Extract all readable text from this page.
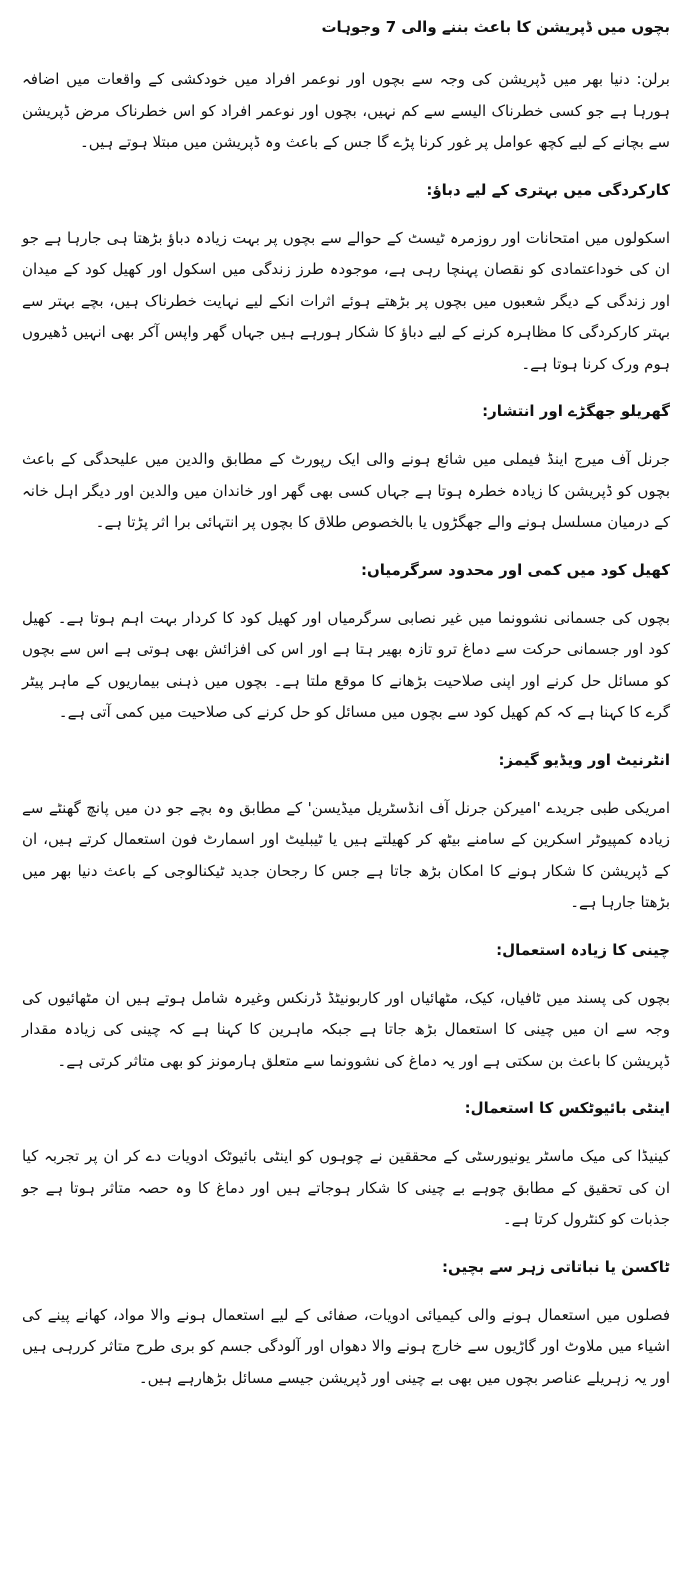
بچوں میں ڈپریشن کا باعث بننے والی 7 وجوہات

برلن: دنیا بھر میں ڈپریشن کی وجہ سے بچوں اور نوعمر افراد میں خودکشی کے واقعات میں اضافہ ہورہا ہے جو کسی خطرناک الیسے سے کم نہیں، بچوں اور نوعمر افراد کو اس خطرناک مرض ڈپریشن سے بچانے کے لیے کچھ عوامل پر غور کرنا پڑے گا جس کے باعث وہ ڈپریشن میں مبتلا ہوتے ہیں۔

کارکردگی میں بہتری کے لیے دباؤ:

اسکولوں میں امتحانات اور روزمرہ ٹیسٹ کے حوالے سے بچوں پر بہت زیادہ دباؤ بڑھتا ہی جارہا ہے جو ان کی خوداعتمادی کو نقصان پہنچا رہی ہے، موجودہ طرز زندگی میں اسکول اور کھیل کود کے میدان اور زندگی کے دیگر شعبوں میں بچوں پر بڑھتے ہوئے اثرات انکے لیے نہایت خطرناک ہیں، بچے بہتر سے بہتر کارکردگی کا مظاہرہ کرنے کے لیے دباؤ کا شکار ہورہے ہیں جہاں گھر واپس آکر بھی انہیں ڈھیروں ہوم ورک کرنا ہوتا ہے۔

گھریلو جھگڑے اور انتشار:

جرنل آف میرج اینڈ فیملی میں شائع ہونے والی ایک رپورٹ کے مطابق والدین میں علیحدگی کے باعث بچوں کو ڈپریشن کا زیادہ خطرہ ہوتا ہے جہاں کسی بھی گھر اور خاندان میں والدین اور دیگر اہل خانہ کے درمیان مسلسل ہونے والے جھگڑوں یا بالخصوص طلاق کا بچوں پر انتہائی برا اثر پڑتا ہے۔

کھیل کود میں کمی اور محدود سرگرمیاں:

بچوں کی جسمانی نشوونما میں غیر نصابی سرگرمیاں اور کھیل کود کا کردار بہت اہم ہوتا ہے۔ کھیل کود اور جسمانی حرکت سے دماغ ترو تازہ بھیر ہتا ہے اور اس کی افزائش بھی ہوتی ہے اس سے بچوں کو مسائل حل کرنے اور اپنی صلاحیت بڑھانے کا موقع ملتا ہے۔ بچوں میں ذہنی بیماریوں کے ماہر پیٹر گرے کا کہنا ہے کہ کم کھیل کود سے بچوں میں مسائل کو حل کرنے کی صلاحیت میں کمی آتی ہے۔

انٹرنیٹ اور ویڈیو گیمز:

امریکی طبی جریدے 'امیرکن جرنل آف انڈسٹریل میڈیسن' کے مطابق وہ بچے جو دن میں پانچ گھنٹے سے زیادہ کمپیوٹر اسکرین کے سامنے بیٹھ کر کھیلتے ہیں یا ٹیبلیٹ اور اسمارٹ فون استعمال کرتے ہیں، ان کے ڈپریشن کا شکار ہونے کا امکان بڑھ جاتا ہے جس کا رجحان جدید ٹیکنالوجی کے باعث دنیا بھر میں بڑھتا جارہا ہے۔

چینی کا زیادہ استعمال:

بچوں کی پسند میں ٹافیاں، کیک، مٹھائیاں اور کاربونیٹڈ ڈرنکس وغیرہ شامل ہوتے ہیں ان مٹھائیوں کی وجہ سے ان میں چینی کا استعمال بڑھ جاتا ہے جبکہ ماہرین کا کہنا ہے کہ چینی کی زیادہ مقدار ڈپریشن کا باعث بن سکتی ہے اور یہ دماغ کی نشوونما سے متعلق ہارمونز کو بھی متاثر کرتی ہے۔

اینٹی بائیوٹکس کا استعمال:

کینیڈا کی میک ماسٹر یونیورسٹی کے محققین نے چوہوں کو اینٹی بائیوٹک ادویات دے کر ان پر تجربہ کیا ان کی تحقیق کے مطابق چوہے بے چینی کا شکار ہوجاتے ہیں اور دماغ کا وہ حصہ متاثر ہوتا ہے جو جذبات کو کنٹرول کرتا ہے۔

ٹاکسن یا نباتاتی زہر سے بچیں:

فصلوں میں استعمال ہونے والی کیمیائی ادویات، صفائی کے لیے استعمال ہونے والا مواد، کھانے پینے کی اشیاء میں ملاوٹ اور گاڑیوں سے خارج ہونے والا دھواں اور آلودگی جسم کو بری طرح متاثر کررہی ہیں اور یہ زہریلے عناصر بچوں میں بھی بے چینی اور ڈپریشن جیسے مسائل بڑھارہے ہیں۔
